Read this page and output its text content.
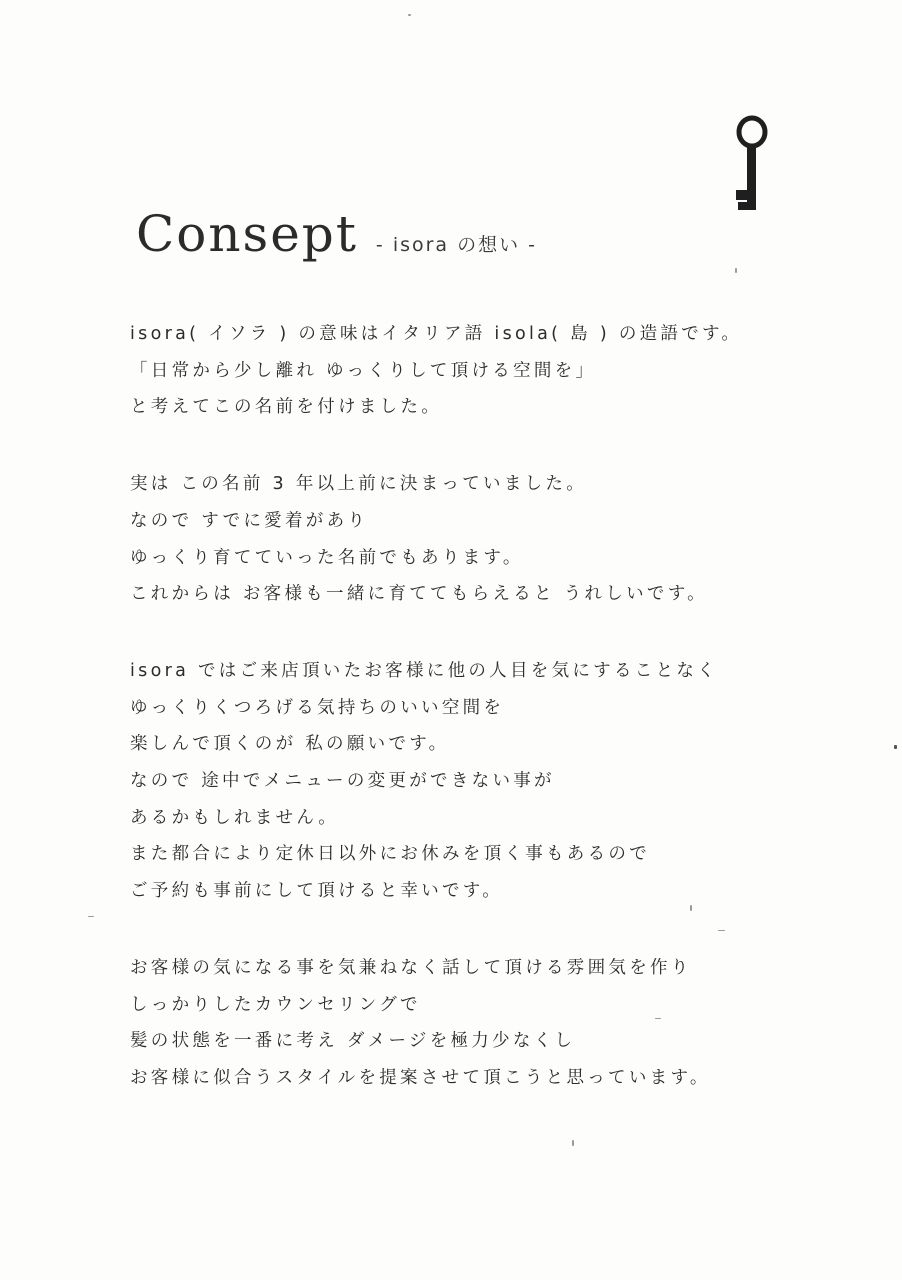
Consept - isora の想い -
isora( イソラ ) の意味はイタリア語 isola( 島 ) の造語です。
「日常から少し離れ ゆっくりして頂ける空間を」
と考えてこの名前を付けました。
実は この名前 3 年以上前に決まっていました。
なので すでに愛着があり
ゆっくり育てていった名前でもあります。
これからは お客様も一緒に育ててもらえると うれしいです。
isora ではご来店頂いたお客様に他の人目を気にすることなく
ゆっくりくつろげる気持ちのいい空間を
楽しんで頂くのが 私の願いです。
なので 途中でメニューの変更ができない事が
あるかもしれません。
また都合により定休日以外にお休みを頂く事もあるので
ご予約も事前にして頂けると幸いです。
お客様の気になる事を気兼ねなく話して頂ける雰囲気を作り
しっかりしたカウンセリングで
髪の状態を一番に考え ダメージを極力少なくし
お客様に似合うスタイルを提案させて頂こうと思っています。
